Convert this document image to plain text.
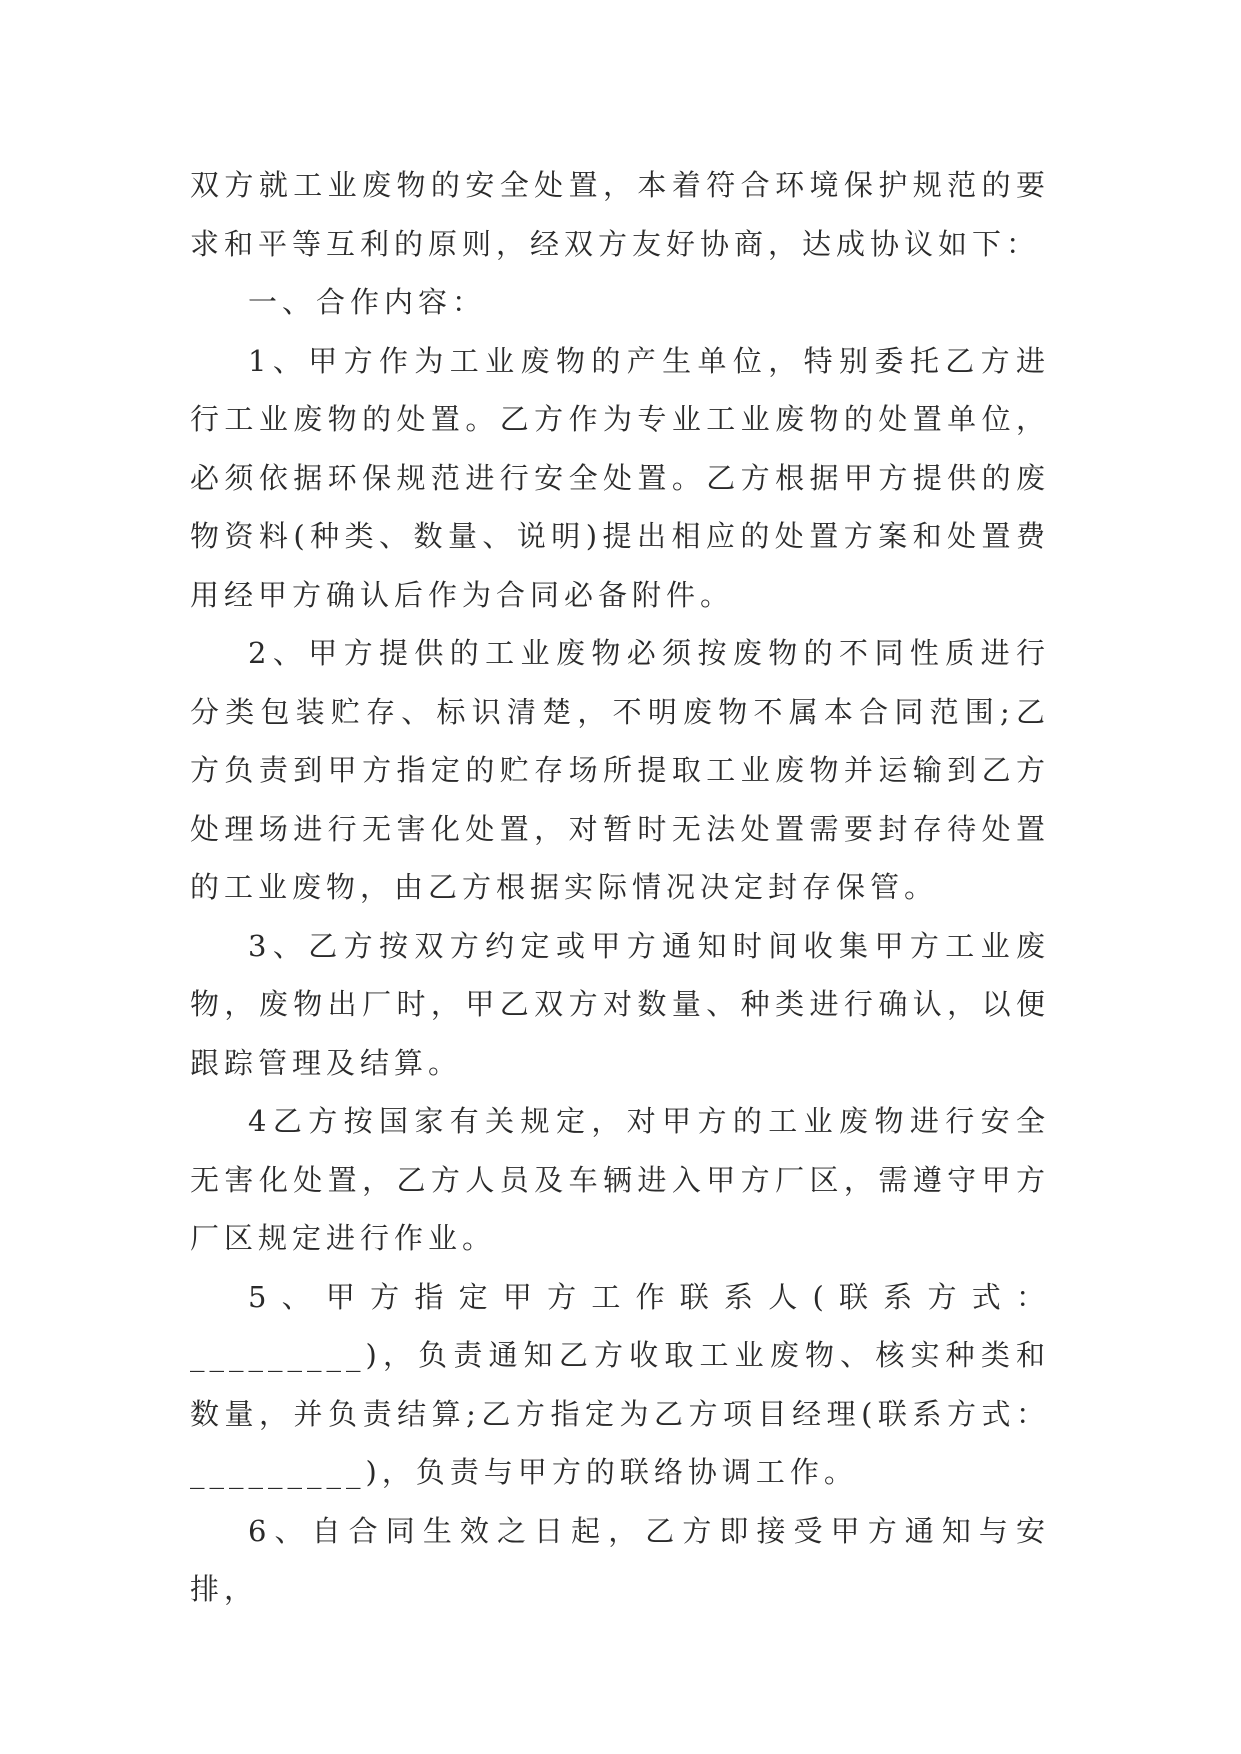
双方就工业废物的安全处置，本着符合环境保护规范的要求和平等互利的原则，经双方友好协商，达成协议如下：

一、合作内容：

1、甲方作为工业废物的产生单位，特别委托乙方进行工业废物的处置。乙方作为专业工业废物的处置单位，必须依据环保规范进行安全处置。乙方根据甲方提供的废物资料(种类、数量、说明)提出相应的处置方案和处置费用经甲方确认后作为合同必备附件。

2、甲方提供的工业废物必须按废物的不同性质进行分类包装贮存、标识清楚，不明废物不属本合同范围;乙方负责到甲方指定的贮存场所提取工业废物并运输到乙方处理场进行无害化处置，对暂时无法处置需要封存待处置的工业废物，由乙方根据实际情况决定封存保管。

3、乙方按双方约定或甲方通知时间收集甲方工业废物，废物出厂时，甲乙双方对数量、种类进行确认，以便跟踪管理及结算。

4乙方按国家有关规定，对甲方的工业废物进行安全无害化处置，乙方人员及车辆进入甲方厂区，需遵守甲方厂区规定进行作业。

5、甲方指定甲方工作联系人(联系方式：_________)，负责通知乙方收取工业废物、核实种类和数量，并负责结算;乙方指定为乙方项目经理(联系方式：_________)，负责与甲方的联络协调工作。

6、自合同生效之日起，乙方即接受甲方通知与安排，
